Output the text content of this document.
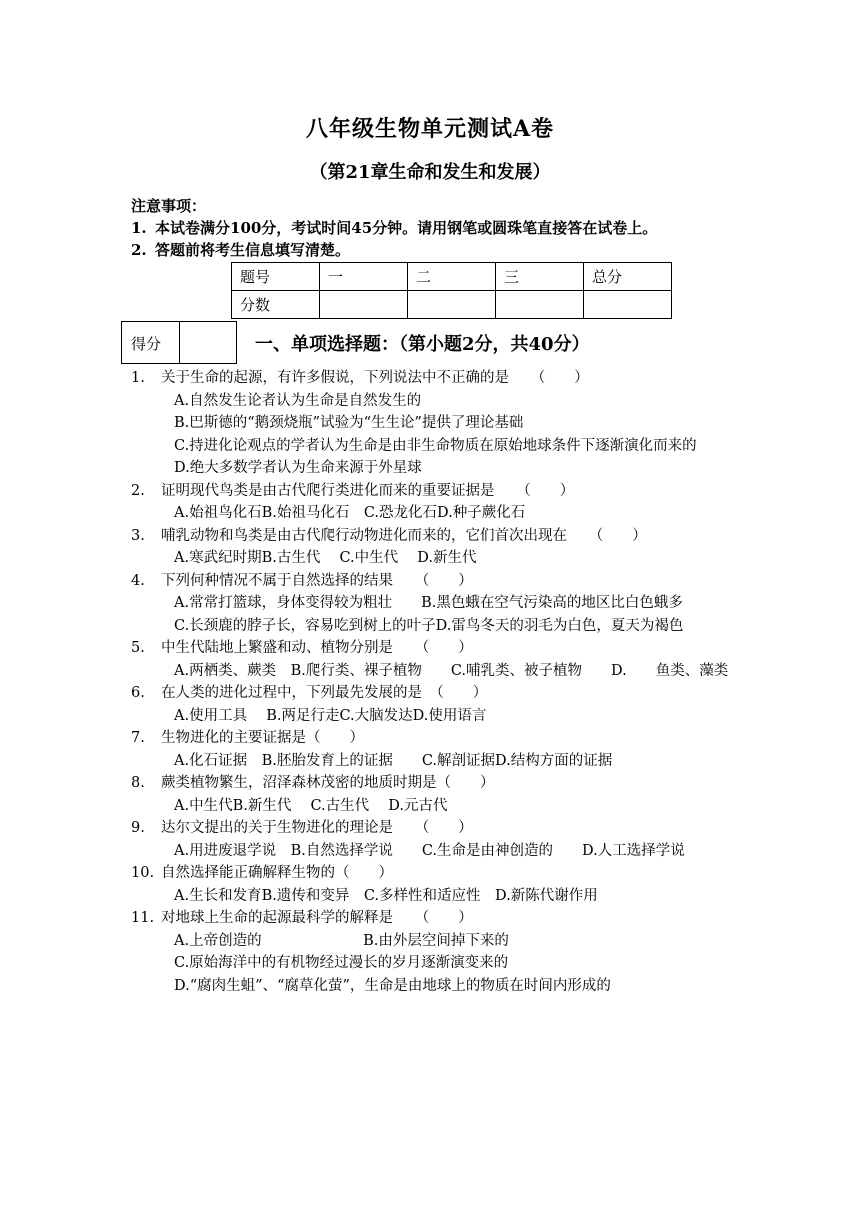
八年级生物单元测试A卷
（第21章生命和发生和发展）
注意事项：
1. 本试卷满分100分，考试时间45分钟。请用钢笔或圆珠笔直接答在试卷上。
2. 答题前将考生信息填写清楚。
题号	一	二	三	总分
分数				
得分	一、单项选择题：（第小题2分，共40分）
1. 关于生命的起源，有许多假说，下列说法中不正确的是　　（　　）
A.自然发生论者认为生命是自然发生的
B.巴斯德的“鹅颈烧瓶”试验为“生生论”提供了理论基础
C.持进化论观点的学者认为生命是由非生命物质在原始地球条件下逐渐演化而来的
D.绝大多数学者认为生命来源于外星球
2. 证明现代鸟类是由古代爬行类进化而来的重要证据是　　（　　）
A.始祖鸟化石B.始祖马化石　C.恐龙化石D.种子蕨化石
3. 哺乳动物和鸟类是由古代爬行动物进化而来的，它们首次出现在　　（　　）
A.寒武纪时期B.古生代　 C.中生代　 D.新生代
4. 下列何种情况不属于自然选择的结果　　（　　）
A.常常打篮球，身体变得较为粗壮　　B.黑色蛾在空气污染高的地区比白色蛾多
C.长颈鹿的脖子长，容易吃到树上的叶子D.雷鸟冬天的羽毛为白色，夏天为褐色
5. 中生代陆地上繁盛和动、植物分别是　　（　　）
A.两栖类、蕨类　B.爬行类、裸子植物　　C.哺乳类、被子植物　　D.　　鱼类、藻类
6. 在人类的进化过程中，下列最先发展的是　（　　）
A.使用工具　 B.两足行走C.大脑发达D.使用语言
7. 生物进化的主要证据是（　　）
A.化石证据　B.胚胎发育上的证据　　C.解剖证据D.结构方面的证据
8. 蕨类植物繁生，沼泽森林茂密的地质时期是（　　）
A.中生代B.新生代　 C.古生代　 D.元古代
9. 达尔文提出的关于生物进化的理论是　　（　　）
A.用进废退学说　B.自然选择学说　　C.生命是由神创造的　　D.人工选择学说
10. 自然选择能正确解释生物的（　　）
A.生长和发育B.遗传和变异　C.多样性和适应性　D.新陈代谢作用
11. 对地球上生命的起源最科学的解释是　　（　　）
A.上帝创造的　　　　　　　B.由外层空间掉下来的
C.原始海洋中的有机物经过漫长的岁月逐渐演变来的
D.“腐肉生蛆”、“腐草化萤”，生命是由地球上的物质在时间内形成的
